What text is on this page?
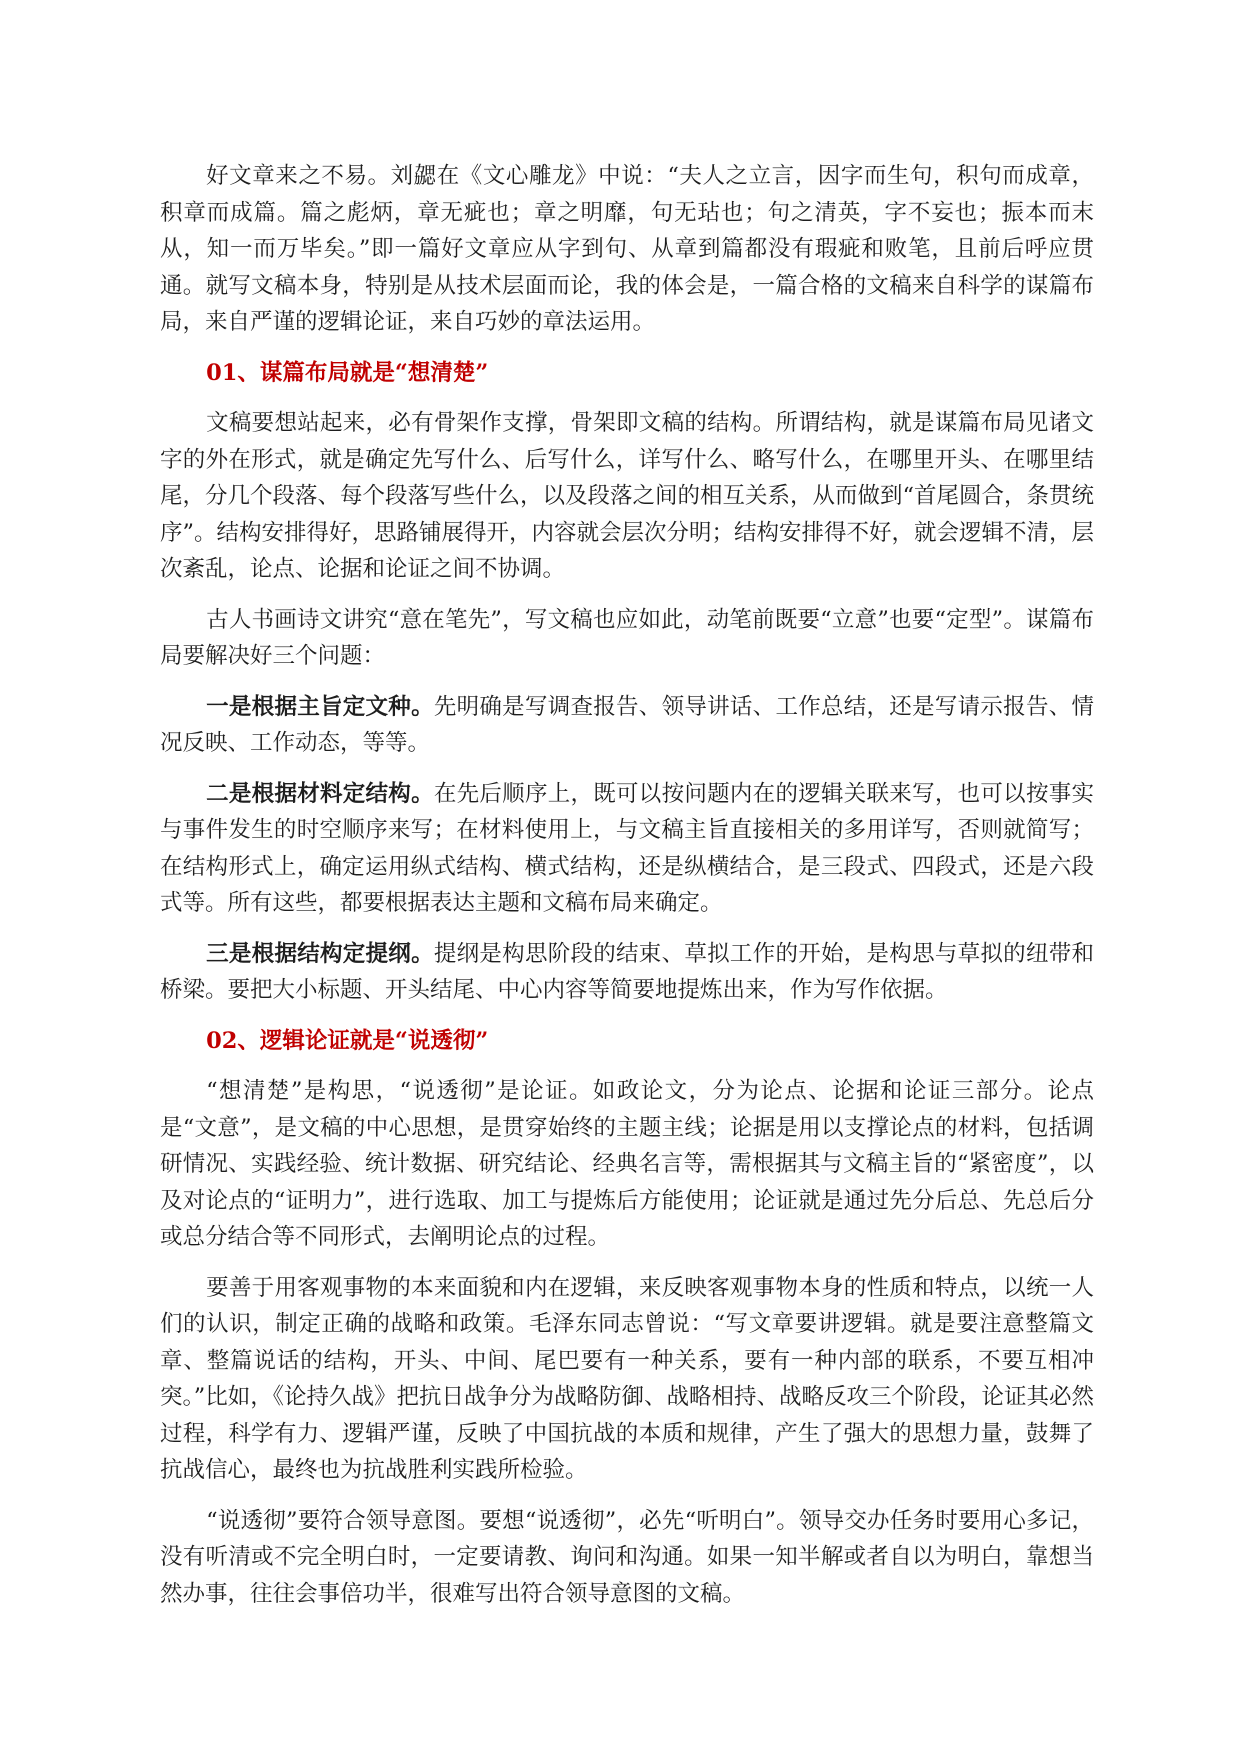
好文章来之不易。刘勰在《文心雕龙》中说：“夫人之立言，因字而生句，积句而成章，积章而成篇。篇之彪炳，章无疵也；章之明靡，句无玷也；句之清英，字不妄也；振本而末从，知一而万毕矣。”即一篇好文章应从字到句、从章到篇都没有瑕疵和败笔，且前后呼应贯通。就写文稿本身，特别是从技术层面而论，我的体会是，一篇合格的文稿来自科学的谋篇布局，来自严谨的逻辑论证，来自巧妙的章法运用。

01、谋篇布局就是“想清楚”

文稿要想站起来，必有骨架作支撑，骨架即文稿的结构。所谓结构，就是谋篇布局见诸文字的外在形式，就是确定先写什么、后写什么，详写什么、略写什么，在哪里开头、在哪里结尾，分几个段落、每个段落写些什么，以及段落之间的相互关系，从而做到“首尾圆合，条贯统序”。结构安排得好，思路铺展得开，内容就会层次分明；结构安排得不好，就会逻辑不清，层次紊乱，论点、论据和论证之间不协调。

古人书画诗文讲究“意在笔先”，写文稿也应如此，动笔前既要“立意”也要“定型”。谋篇布局要解决好三个问题：

一是根据主旨定文种。先明确是写调查报告、领导讲话、工作总结，还是写请示报告、情况反映、工作动态，等等。

二是根据材料定结构。在先后顺序上，既可以按问题内在的逻辑关联来写，也可以按事实与事件发生的时空顺序来写；在材料使用上，与文稿主旨直接相关的多用详写，否则就简写；在结构形式上，确定运用纵式结构、横式结构，还是纵横结合，是三段式、四段式，还是六段式等。所有这些，都要根据表达主题和文稿布局来确定。

三是根据结构定提纲。提纲是构思阶段的结束、草拟工作的开始，是构思与草拟的纽带和桥梁。要把大小标题、开头结尾、中心内容等简要地提炼出来，作为写作依据。

02、逻辑论证就是“说透彻”

“想清楚”是构思，“说透彻”是论证。如政论文，分为论点、论据和论证三部分。论点是“文意”，是文稿的中心思想，是贯穿始终的主题主线；论据是用以支撑论点的材料，包括调研情况、实践经验、统计数据、研究结论、经典名言等，需根据其与文稿主旨的“紧密度”，以及对论点的“证明力”，进行选取、加工与提炼后方能使用；论证就是通过先分后总、先总后分或总分结合等不同形式，去阐明论点的过程。

要善于用客观事物的本来面貌和内在逻辑，来反映客观事物本身的性质和特点，以统一人们的认识，制定正确的战略和政策。毛泽东同志曾说：“写文章要讲逻辑。就是要注意整篇文章、整篇说话的结构，开头、中间、尾巴要有一种关系，要有一种内部的联系，不要互相冲突。”比如，《论持久战》把抗日战争分为战略防御、战略相持、战略反攻三个阶段，论证其必然过程，科学有力、逻辑严谨，反映了中国抗战的本质和规律，产生了强大的思想力量，鼓舞了抗战信心，最终也为抗战胜利实践所检验。

“说透彻”要符合领导意图。要想“说透彻”，必先“听明白”。领导交办任务时要用心多记，没有听清或不完全明白时，一定要请教、询问和沟通。如果一知半解或者自以为明白，靠想当然办事，往往会事倍功半，很难写出符合领导意图的文稿。
